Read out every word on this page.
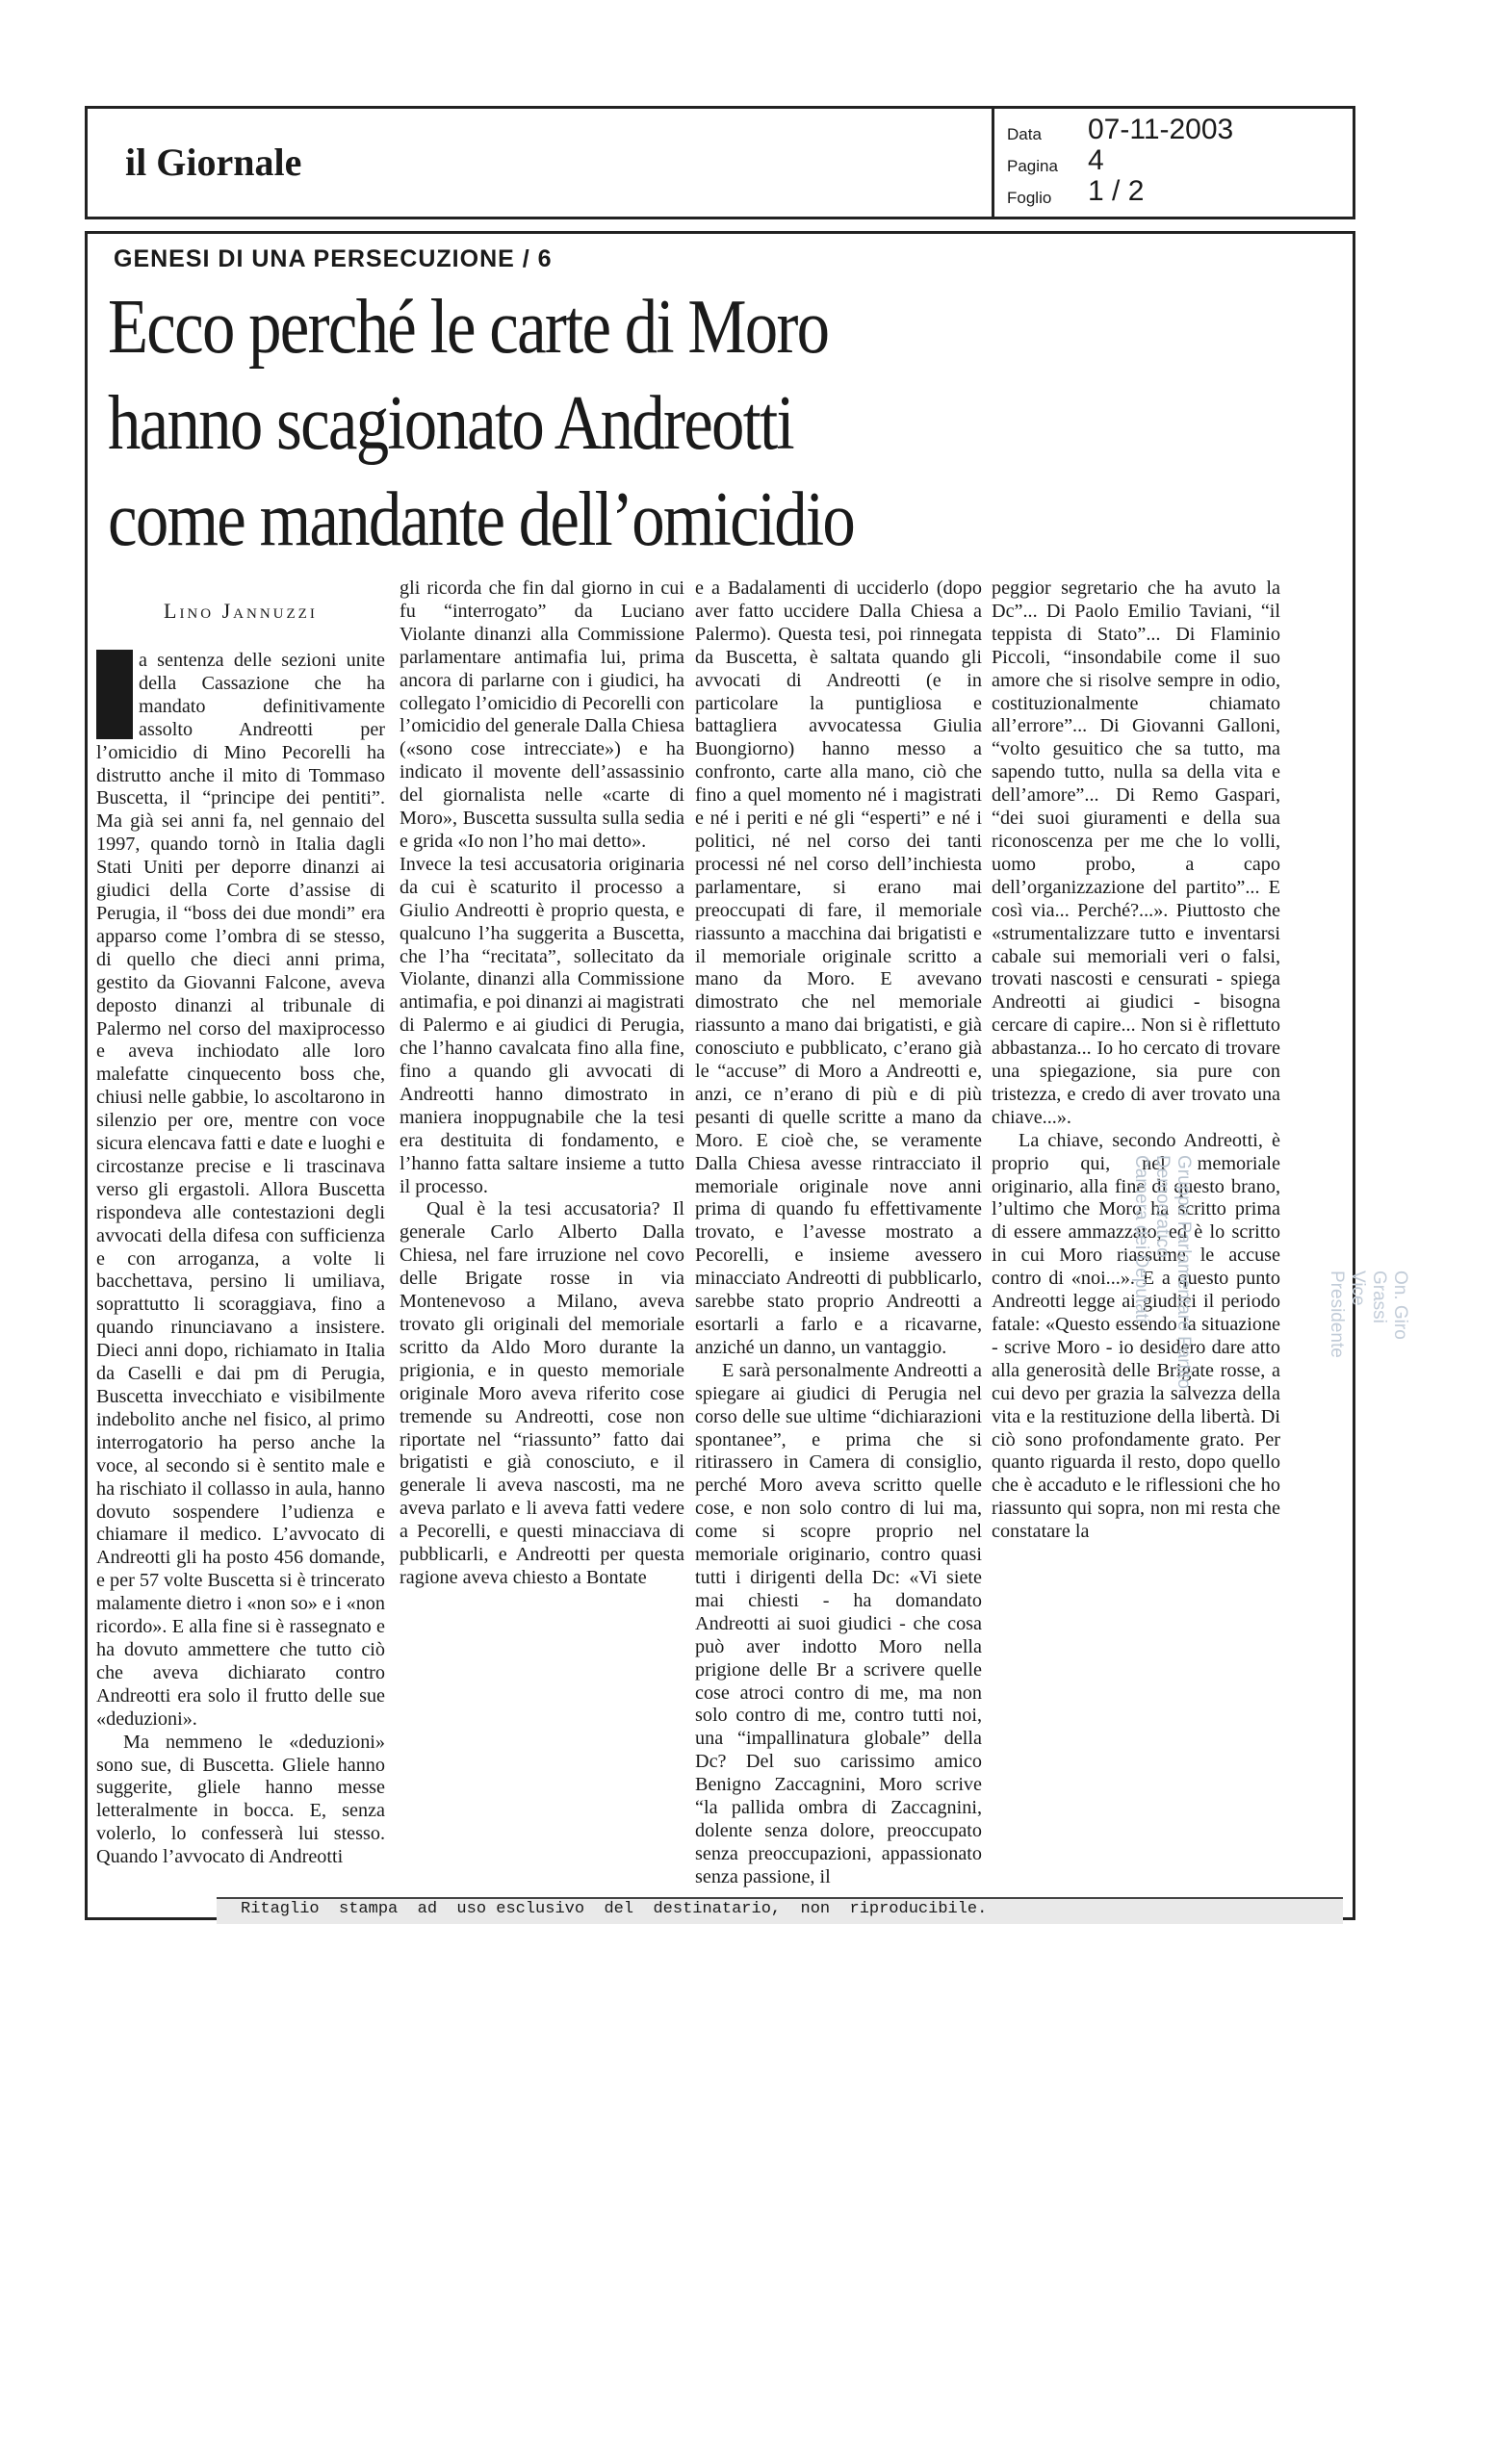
il Giornale
Data 07-11-2003
Pagina 4
Foglio 1 / 2
GENESI DI UNA PERSECUZIONE / 6
Ecco perché le carte di Moro
hanno scagionato Andreotti
come mandante dell’omicidio
Lino Jannuzzi

a sentenza delle sezioni unite della Cassazione che ha mandato definitivamente assolto Andreotti per l’omicidio di Mino Pecorelli ha distrutto anche il mito di Tommaso Buscetta, il “principe dei pentiti”. Ma già sei anni fa, nel gennaio del 1997, quando tornò in Italia dagli Stati Uniti per deporre dinanzi ai giudici della Corte d’assise di Perugia, il “boss dei due mondi” era apparso come l’ombra di se stesso, di quello che dieci anni prima, gestito da Giovanni Falcone, aveva deposto dinanzi al tribunale di Palermo nel corso del maxiprocesso e aveva inchiodato alle loro malefatte cinquecento boss che, chiusi nelle gabbie, lo ascoltarono in silenzio per ore, mentre con voce sicura elencava fatti e date e luoghi e circostanze precise e li trascinava verso gli ergastoli. Allora Buscetta rispondeva alle contestazioni degli avvocati della difesa con sufficienza e con arroganza, a volte li bacchettava, persino li umiliava, soprattutto li scoraggiava, fino a quando rinunciavano a insistere. Dieci anni dopo, richiamato in Italia da Caselli e dai pm di Perugia, Buscetta invecchiato e visibilmente indebolito anche nel fisico, al primo interrogatorio ha perso anche la voce, al secondo si è sentito male e ha rischiato il collasso in aula, hanno dovuto sospendere l’udienza e chiamare il medico. L’avvocato di Andreotti gli ha posto 456 domande, e per 57 volte Buscetta si è trincerato malamente dietro i «non so» e i «non ricordo». E alla fine si è rassegnato e ha dovuto ammettere che tutto ciò che aveva dichiarato contro Andreotti era solo il frutto delle sue «deduzioni».

Ma nemmeno le «deduzioni» sono sue, di Buscetta. Gliele hanno suggerite, gliele hanno messe letteralmente in bocca. E, senza volerlo, lo confesserà lui stesso. Quando l’avvocato di Andreotti

gli ricorda che fin dal giorno in cui fu “interrogato” da Luciano Violante dinanzi alla Commissione parlamentare antimafia lui, prima ancora di parlarne con i giudici, ha collegato l’omicidio di Pecorelli con l’omicidio del generale Dalla Chiesa («sono cose intrecciate») e ha indicato il movente dell’assassinio del giornalista nelle «carte di Moro», Buscetta sussulta sulla sedia e grida «Io non l’ho mai detto».

Invece la tesi accusatoria originaria da cui è scaturito il processo a Giulio Andreotti è proprio questa, e qualcuno l’ha suggerita a Buscetta, che l’ha “recitata”, sollecitato da Violante, dinanzi alla Commissione antimafia, e poi dinanzi ai magistrati di Palermo e ai giudici di Perugia, che l’hanno cavalcata fino alla fine, fino a quando gli avvocati di Andreotti hanno dimostrato in maniera inoppugnabile che la tesi era destituita di fondamento, e l’hanno fatta saltare insieme a tutto il processo.

Qual è la tesi accusatoria? Il generale Carlo Alberto Dalla Chiesa, nel fare irruzione nel covo delle Brigate rosse in via Montenevoso a Milano, aveva trovato gli originali del memoriale scritto da Aldo Moro durante la prigionia, e in questo memoriale originale Moro aveva riferito cose tremende su Andreotti, cose non riportate nel “riassunto” fatto dai brigatisti e già conosciuto, e il generale li aveva nascosti, ma ne aveva parlato e li aveva fatti vedere a Pecorelli, e questi minacciava di pubblicarli, e Andreotti per questa ragione aveva chiesto a Bontate

e a Badalamenti di ucciderlo (dopo aver fatto uccidere Dalla Chiesa a Palermo). Questa tesi, poi rinnegata da Buscetta, è saltata quando gli avvocati di Andreotti (e in particolare la puntigliosa e battagliera avvocatessa Giulia Buongiorno) hanno messo a confronto, carte alla mano, ciò che fino a quel momento né i magistrati e né i periti e né gli “esperti” e né i politici, né nel corso dei tanti processi né nel corso dell’inchiesta parlamentare, si erano mai preoccupati di fare, il memoriale riassunto a macchina dai brigatisti e il memoriale originale scritto a mano da Moro. E avevano dimostrato che nel memoriale riassunto a mano dai brigatisti, e già conosciuto e pubblicato, c’erano già le “accuse” di Moro a Andreotti e, anzi, ce n’erano di più e di più pesanti di quelle scritte a mano da Moro. E cioè che, se veramente Dalla Chiesa avesse rintracciato il memoriale originale nove anni prima di quando fu effettivamente trovato, e l’avesse mostrato a Pecorelli, e insieme avessero minacciato Andreotti di pubblicarlo, sarebbe stato proprio Andreotti a esortarli a farlo e a ricavarne, anziché un danno, un vantaggio.

E sarà personalmente Andreotti a spiegare ai giudici di Perugia nel corso delle sue ultime “dichiarazioni spontanee”, e prima che si ritirassero in Camera di consiglio, perché Moro aveva scritto quelle cose, e non solo contro di lui ma, come si scopre proprio nel memoriale originario, contro quasi tutti i dirigenti della Dc: «Vi siete mai chiesti - ha domandato Andreotti ai suoi giudici - che cosa può aver indotto Moro nella prigione delle Br a scrivere quelle cose atroci contro di me, ma non solo contro di me, contro tutti noi, una “impallinatura globale” della Dc? Del suo carissimo amico Benigno Zaccagnini, Moro scrive “la pallida ombra di Zaccagnini, dolente senza dolore, preoccupato senza preoccupazioni, appassionato senza passione, il

peggior segretario che ha avuto la Dc”... Di Paolo Emilio Taviani, “il teppista di Stato”... Di Flaminio Piccoli, “insondabile come il suo amore che si risolve sempre in odio, costituzionalmente chiamato all’errore”... Di Giovanni Galloni, “volto gesuitico che sa tutto, ma sapendo tutto, nulla sa della vita e dell’amore”... Di Remo Gaspari, “dei suoi giuramenti e della sua riconoscenza per me che lo volli, uomo probo, a capo dell’organizzazione del partito”... E così via... Perché?...». Piuttosto che «strumentalizzare tutto e inventarsi cabale sui memoriali veri o falsi, trovati nascosti e censurati - spiega Andreotti ai giudici - bisogna cercare di capire... Non si è riflettuto abbastanza... Io ho cercato di trovare una spiegazione, sia pure con tristezza, e credo di aver trovato una chiave...».

La chiave, secondo Andreotti, è proprio qui, nel memoriale originario, alla fine di questo brano, l’ultimo che Moro ha scritto prima di essere ammazzato, ed è lo scritto in cui Moro riassume le accuse contro di «noi...». E a questo punto Andreotti legge ai giudici il periodo fatale: «Questo essendo la situazione - scrive Moro - io desidero dare atto alla generosità delle Brigate rosse, a cui devo per grazia la salvezza della vita e la restituzione della libertà. Di ciò sono profondamente grato. Per quanto riguarda il resto, dopo quello che è accaduto e le riflessioni che ho riassunto qui sopra, non mi resta che constatare la

Ritaglio  stampa  ad  uso esclusivo  del  destinatario,  non  riproducibile.
Gruppo Parlamentare Partito Democratico
Camera dei Deputati	On. Giro Grassi
Vice Presidente
